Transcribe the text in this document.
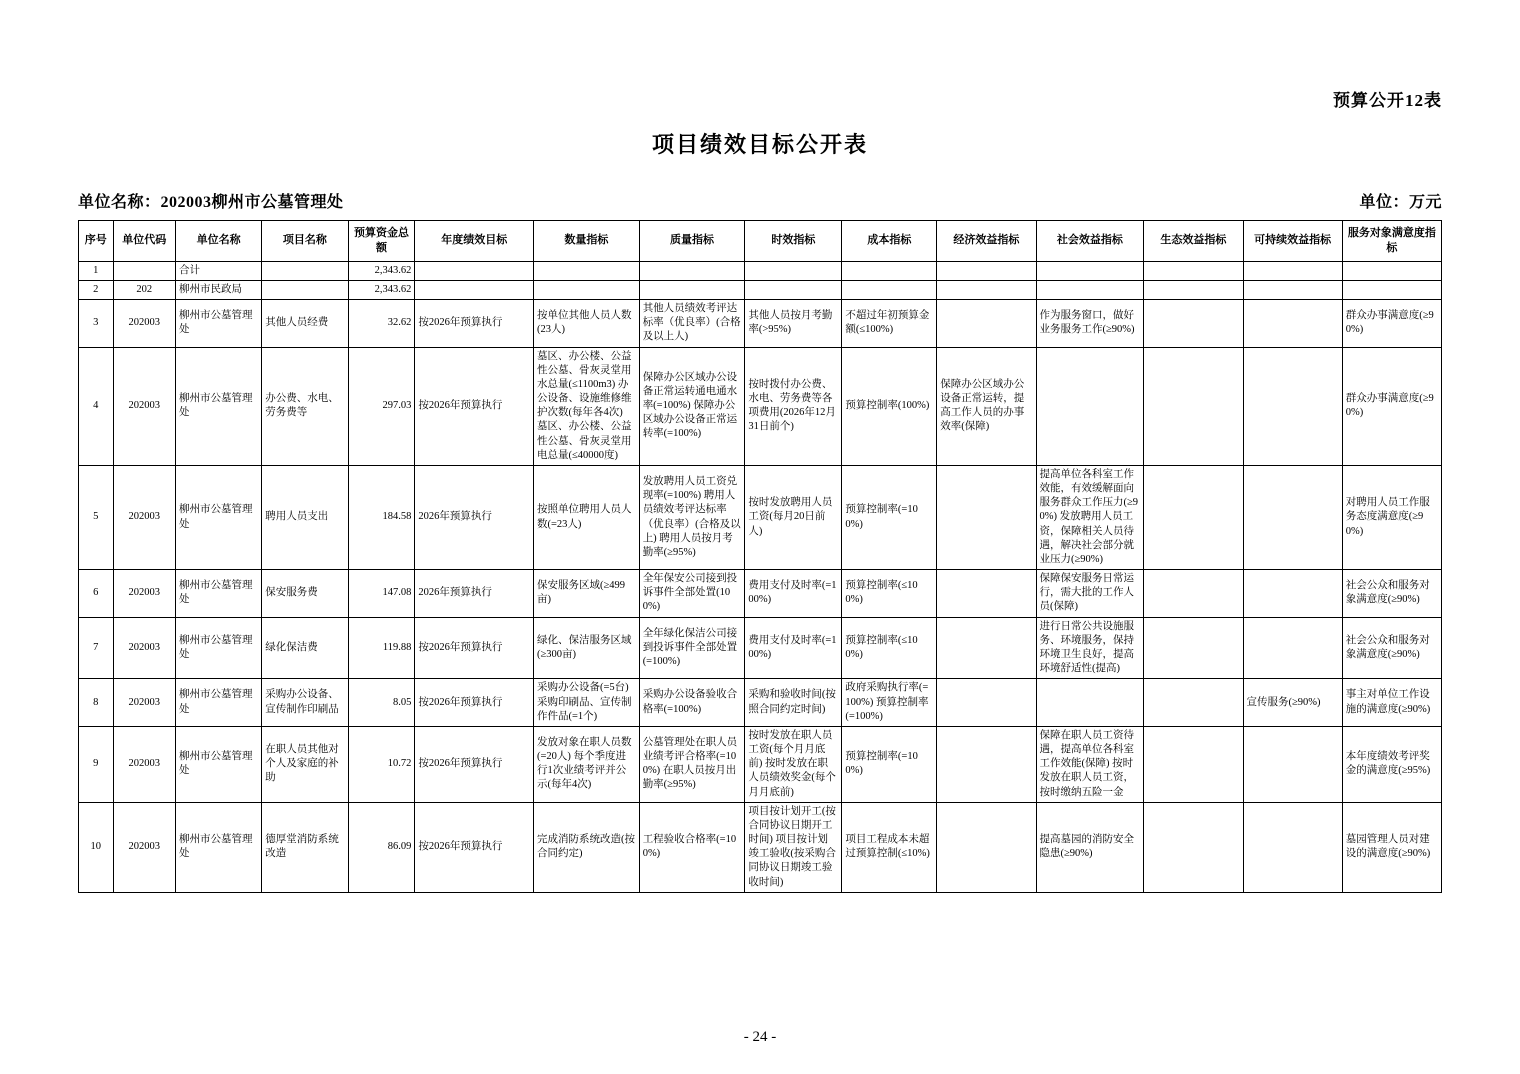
预算公开12表
项目绩效目标公开表
单位名称：202003柳州市公墓管理处	单位：万元
序号	单位代码	单位名称	项目名称	预算资金总额	年度绩效目标	数量指标	质量指标	时效指标	成本指标	经济效益指标	社会效益指标	生态效益指标	可持续效益指标	服务对象满意度指标
1		合计		2,343.62										
2	202	柳州市民政局		2,343.62										
3	202003	柳州市公墓管理处	其他人员经费	32.62	按2026年预算执行	按单位其他人员人数(23人)	其他人员绩效考评达标率（优良率）(合格及以上人)	其他人员按月考勤率(>95%)	不超过年初预算金额(≤100%)		作为服务窗口，做好业务服务工作(≥90%)			群众办事满意度(≥90%)
4	202003	柳州市公墓管理处	办公费、水电、劳务费等	297.03	按2026年预算执行	墓区、办公楼、公益性公墓、骨灰灵堂用水总量(≤1100m3) 办公设备、设施维修维护次数(每年各4次) 墓区、办公楼、公益性公墓、骨灰灵堂用电总量(≤40000度)	保障办公区域办公设备正常运转通电通水率(=100%) 保障办公区域办公设备正常运转率(=100%)	按时拨付办公费、水电、劳务费等各项费用(2026年12月31日前个)	预算控制率(100%)	保障办公区域办公设备正常运转，提高工作人员的办事效率(保障)				群众办事满意度(≥90%)
5	202003	柳州市公墓管理处	聘用人员支出	184.58	2026年预算执行	按照单位聘用人员人数(=23人)	发放聘用人员工资兑现率(=100%) 聘用人员绩效考评达标率（优良率）(合格及以上) 聘用人员按月考勤率(≥95%)	按时发放聘用人员工资(每月20日前人)	预算控制率(=100%)		提高单位各科室工作效能，有效缓解面向服务群众工作压力(≥90%) 发放聘用人员工资，保障相关人员待遇，解决社会部分就业压力(≥90%)			对聘用人员工作服务态度满意度(≥90%)
6	202003	柳州市公墓管理处	保安服务费	147.08	2026年预算执行	保安服务区域(≥499亩)	全年保安公司接到投诉事件全部处置(100%)	费用支付及时率(=100%)	预算控制率(≤100%)		保障保安服务日常运行，需大批的工作人员(保障)			社会公众和服务对象满意度(≥90%)
7	202003	柳州市公墓管理处	绿化保洁费	119.88	按2026年预算执行	绿化、保洁服务区域(≥300亩)	全年绿化保洁公司接到投诉事件全部处置(=100%)	费用支付及时率(=100%)	预算控制率(≤100%)		进行日常公共设施服务、环境服务，保持环境卫生良好，提高环境舒适性(提高)			社会公众和服务对象满意度(≥90%)
8	202003	柳州市公墓管理处	采购办公设备、宣传制作印刷品	8.05	按2026年预算执行	采购办公设备(=5台) 采购印刷品、宣传制作件品(=1个)	采购办公设备验收合格率(=100%)	采购和验收时间(按照合同约定时间)	政府采购执行率(=100%) 预算控制率(=100%)				宣传服务(≥90%)	事主对单位工作设施的满意度(≥90%)
9	202003	柳州市公墓管理处	在职人员其他对个人及家庭的补助	10.72	按2026年预算执行	发放对象在职人员数(=20人) 每个季度进行1次业绩考评并公示(每年4次)	公墓管理处在职人员业绩考评合格率(=100%) 在职人员按月出勤率(≥95%)	按时发放在职人员工资(每个月月底前) 按时发放在职人员绩效奖金(每个月月底前)	预算控制率(=100%)		保障在职人员工资待遇，提高单位各科室工作效能(保障) 按时发放在职人员工资，按时缴纳五险一金			本年度绩效考评奖金的满意度(≥95%)
10	202003	柳州市公墓管理处	德厚堂消防系统改造	86.09	按2026年预算执行	完成消防系统改造(按合同约定)	工程验收合格率(=100%)	项目按计划开工(按合同协议日期开工时间) 项目按计划竣工验收(按采购合同协议日期竣工验收时间)	项目工程成本未超过预算控制(≤10%)		提高墓园的消防安全隐患(≥90%)			墓园管理人员对建设的满意度(≥90%)
- 24 -
